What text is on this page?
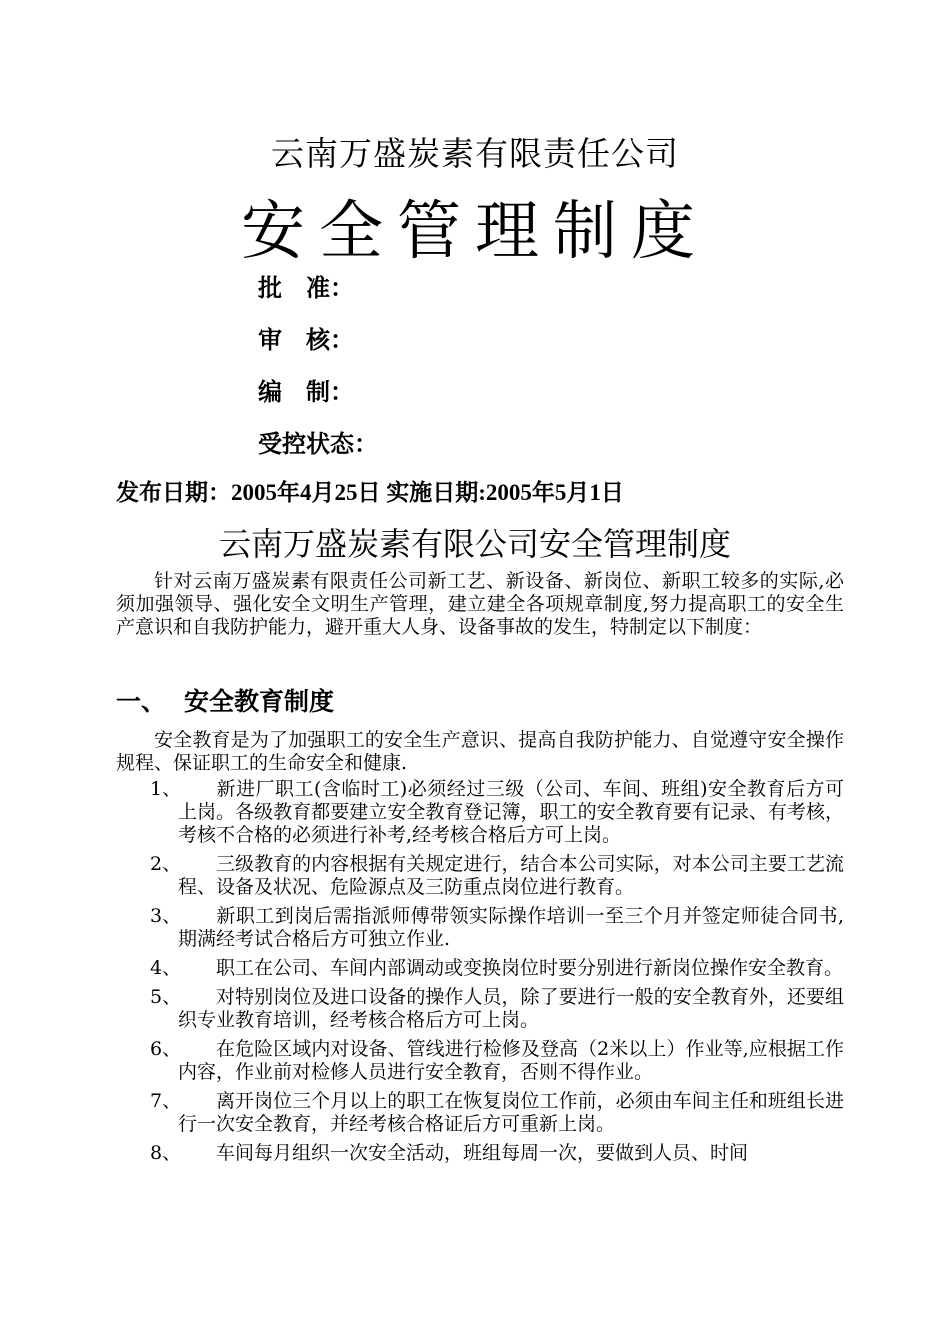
云南万盛炭素有限责任公司
安全管理制度
批　准：
审　核：
编　制：
受控状态：
发布日期：2005年4月25日 实施日期:2005年5月1日
云南万盛炭素有限公司安全管理制度
针对云南万盛炭素有限责任公司新工艺、新设备、新岗位、新职工较多的实际,必须加强领导、强化安全文明生产管理，建立建全各项规章制度,努力提高职工的安全生产意识和自我防护能力，避开重大人身、设备事故的发生，特制定以下制度：
一、 安全教育制度
安全教育是为了加强职工的安全生产意识、提高自我防护能力、自觉遵守安全操作规程、保证职工的生命安全和健康.
1、 新进厂职工(含临时工)必须经过三级（公司、车间、班组)安全教育后方可上岗。各级教育都要建立安全教育登记簿，职工的安全教育要有记录、有考核，考核不合格的必须进行补考,经考核合格后方可上岗。
2、 三级教育的内容根据有关规定进行，结合本公司实际，对本公司主要工艺流程、设备及状况、危险源点及三防重点岗位进行教育。
3、 新职工到岗后需指派师傅带领实际操作培训一至三个月并签定师徒合同书,期满经考试合格后方可独立作业.
4、 职工在公司、车间内部调动或变换岗位时要分别进行新岗位操作安全教育。
5、 对特别岗位及进口设备的操作人员，除了要进行一般的安全教育外，还要组织专业教育培训，经考核合格后方可上岗。
6、 在危险区域内对设备、管线进行检修及登高（2米以上）作业等,应根据工作内容，作业前对检修人员进行安全教育，否则不得作业。
7、 离开岗位三个月以上的职工在恢复岗位工作前，必须由车间主任和班组长进行一次安全教育，并经考核合格证后方可重新上岗。
8、 车间每月组织一次安全活动，班组每周一次，要做到人员、时间
